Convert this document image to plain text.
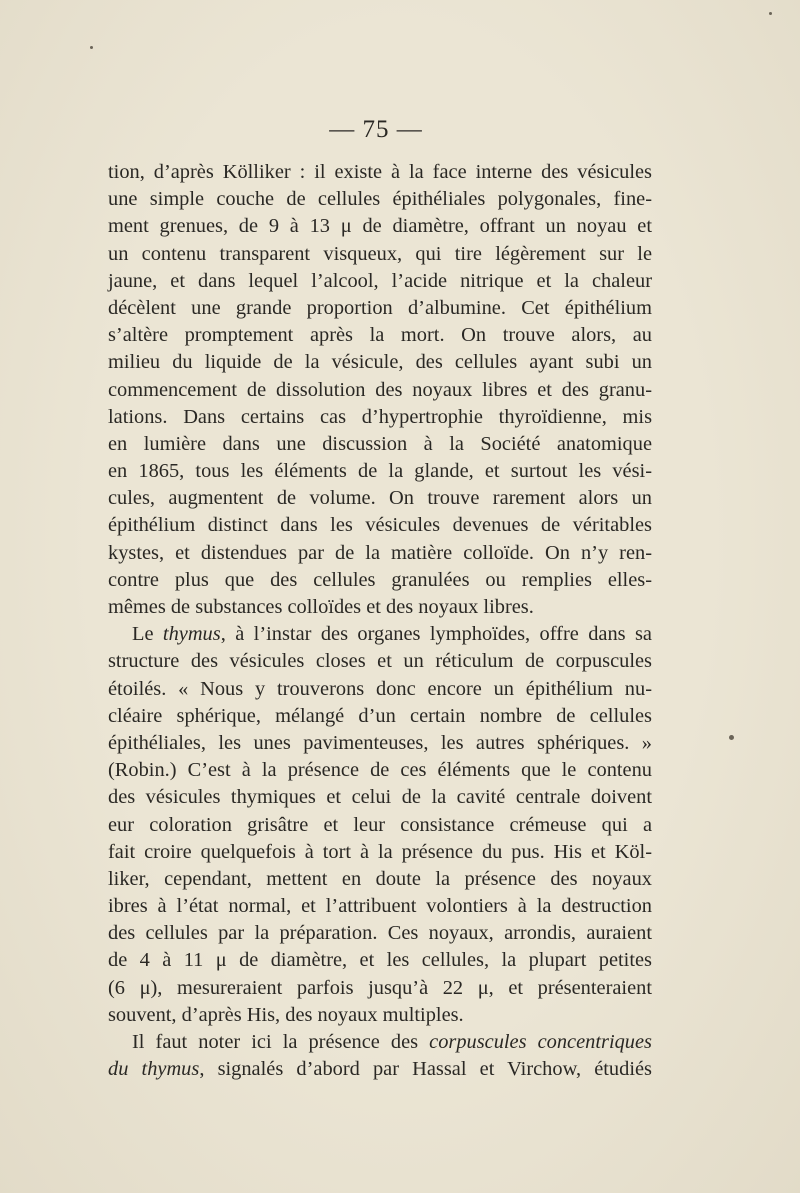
— 75 —
tion, d’après Kölliker : il existe à la face interne des vésicules
une simple couche de cellules épithéliales polygonales, fine-
ment grenues, de 9 à 13 μ de diamètre, offrant un noyau et
un contenu transparent visqueux, qui tire légèrement sur le
jaune, et dans lequel l’alcool, l’acide nitrique et la chaleur
décèlent une grande proportion d’albumine. Cet épithélium
s’altère promptement après la mort. On trouve alors, au
milieu du liquide de la vésicule, des cellules ayant subi un
commencement de dissolution des noyaux libres et des granu-
lations. Dans certains cas d’hypertrophie thyroïdienne, mis
en lumière dans une discussion à la Société anatomique
en 1865, tous les éléments de la glande, et surtout les vési-
cules, augmentent de volume. On trouve rarement alors un
épithélium distinct dans les vésicules devenues de véritables
kystes, et distendues par de la matière colloïde. On n’y ren-
contre plus que des cellules granulées ou remplies elles-
mêmes de substances colloïdes et des noyaux libres.
Le thymus, à l’instar des organes lymphoïdes, offre dans sa
structure des vésicules closes et un réticulum de corpuscules
étoilés. « Nous y trouverons donc encore un épithélium nu-
cléaire sphérique, mélangé d’un certain nombre de cellules
épithéliales, les unes pavimenteuses, les autres sphériques. »
(Robin.) C’est à la présence de ces éléments que le contenu
des vésicules thymiques et celui de la cavité centrale doivent
eur coloration grisâtre et leur consistance crémeuse qui a
fait croire quelquefois à tort à la présence du pus. His et Köl-
liker, cependant, mettent en doute la présence des noyaux
ibres à l’état normal, et l’attribuent volontiers à la destruction
des cellules par la préparation. Ces noyaux, arrondis, auraient
de 4 à 11 μ de diamètre, et les cellules, la plupart petites
(6 μ), mesureraient parfois jusqu’à 22 μ, et présenteraient
souvent, d’après His, des noyaux multiples.
Il faut noter ici la présence des corpuscules concentriques
du thymus, signalés d’abord par Hassal et Virchow, étudiés
